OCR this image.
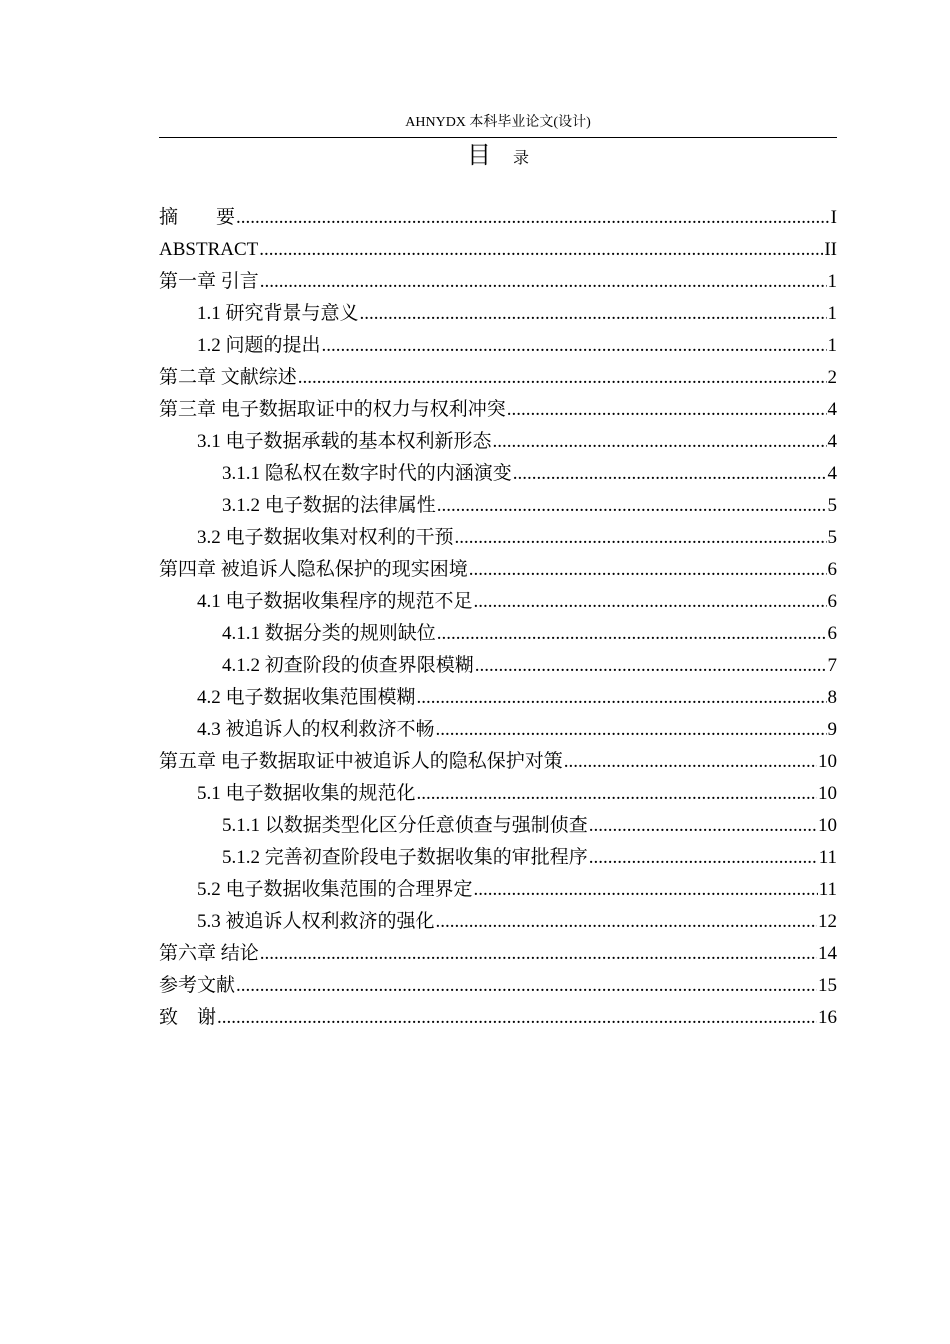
AHNYDX 本科毕业论文(设计)
目 录
摘　　要 .....	I
ABSTRACT .....	II
第一章 引言 .....	1
1.1 研究背景与意义 .....	1
1.2 问题的提出 .....	1
第二章 文献综述 .....	2
第三章 电子数据取证中的权力与权利冲突 .....	4
3.1 电子数据承载的基本权利新形态 .....	4
3.1.1 隐私权在数字时代的内涵演变 .....	4
3.1.2 电子数据的法律属性 .....	5
3.2 电子数据收集对权利的干预 .....	5
第四章 被追诉人隐私保护的现实困境 .....	6
4.1 电子数据收集程序的规范不足 .....	6
4.1.1 数据分类的规则缺位 .....	6
4.1.2 初查阶段的侦查界限模糊 .....	7
4.2 电子数据收集范围模糊 .....	8
4.3 被追诉人的权利救济不畅 .....	9
第五章 电子数据取证中被追诉人的隐私保护对策 .....	10
5.1 电子数据收集的规范化 .....	10
5.1.1 以数据类型化区分任意侦查与强制侦查 .....	10
5.1.2 完善初查阶段电子数据收集的审批程序 .....	11
5.2 电子数据收集范围的合理界定 .....	11
5.3 被追诉人权利救济的强化 .....	12
第六章 结论 .....	14
参考文献 .....	15
致　谢 .....	16
